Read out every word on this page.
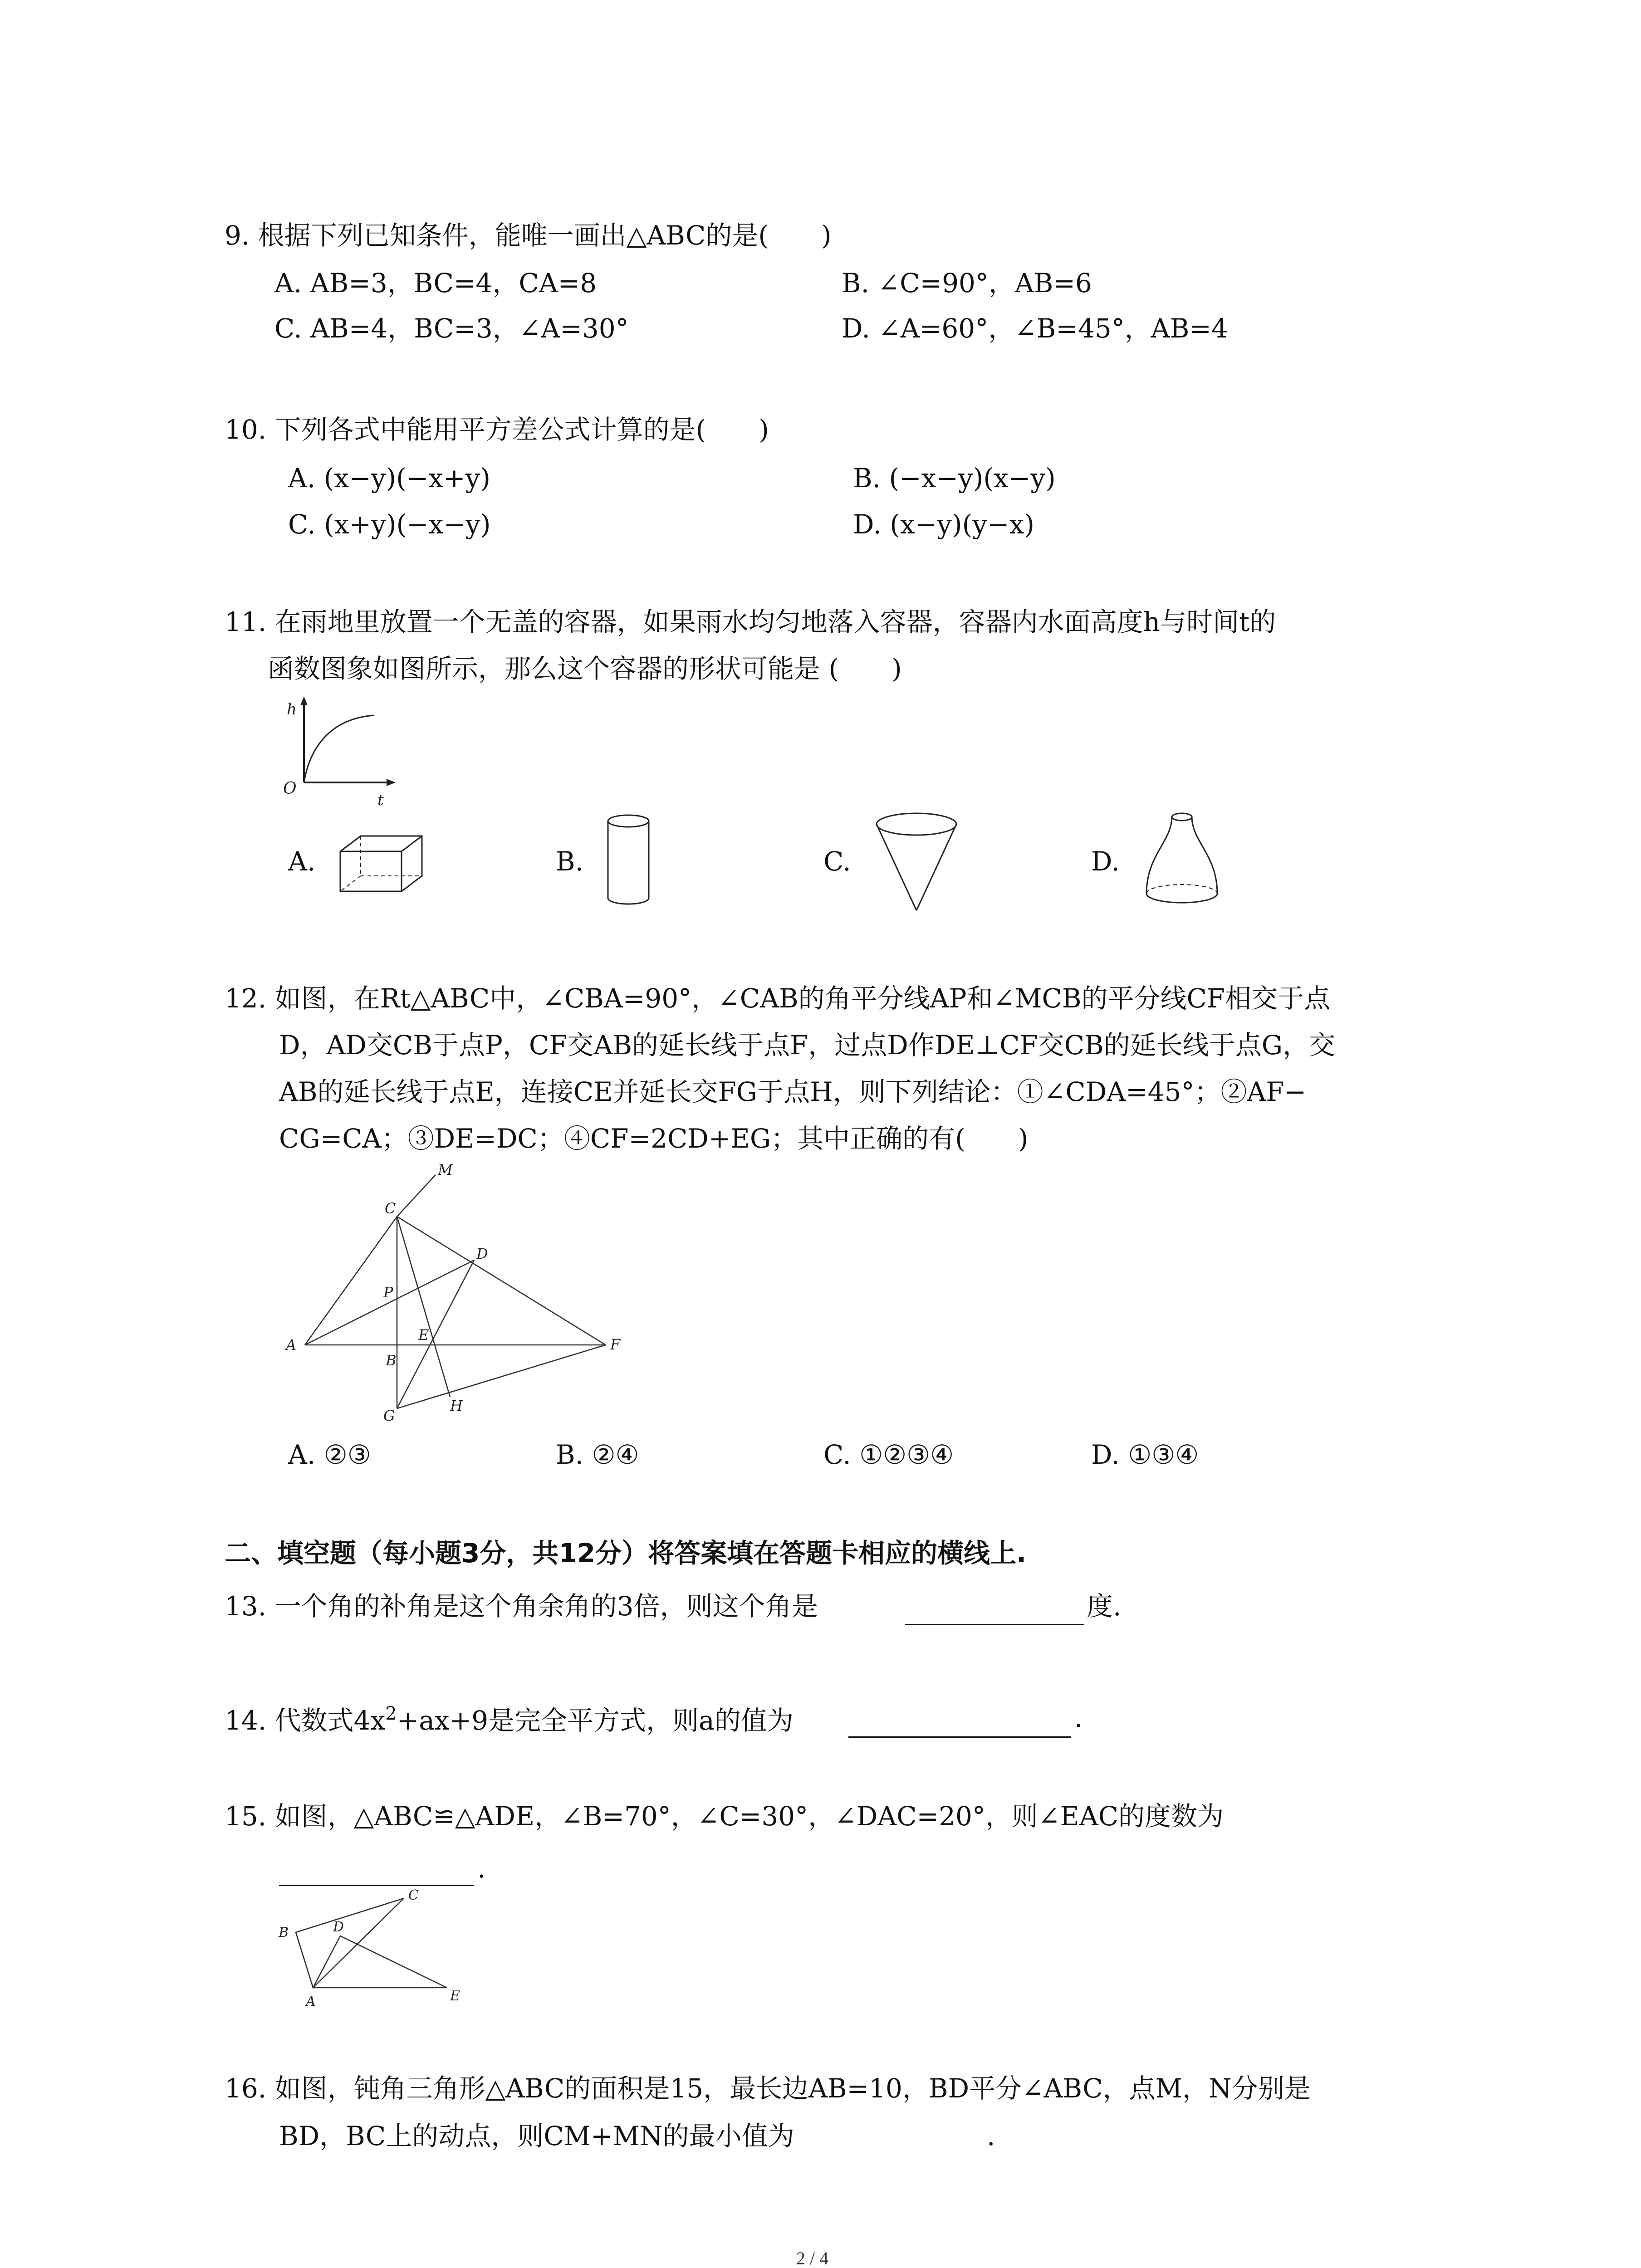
9. 根据下列已知条件，能唯一画出△ABC的是(　　)
A. AB=3，BC=4，CA=8	B. ∠C=90°，AB=6
C. AB=4，BC=3，∠A=30°	D. ∠A=60°，∠B=45°，AB=4
10. 下列各式中能用平方差公式计算的是(　　)
A. (x−y)(−x+y)	B. (−x−y)(x−y)
C. (x+y)(−x−y)	D. (x−y)(y−x)
11. 在雨地里放置一个无盖的容器，如果雨水均匀地落入容器，容器内水面高度h与时间t的
函数图象如图所示，那么这个容器的形状可能是 (　　)
h
t
O
A.	B.	C.	D.
12. 如图，在Rt△ABC中，∠CBA=90°，∠CAB的角平分线AP和∠MCB的平分线CF相交于点
D，AD交CB于点P，CF交AB的延长线于点F，过点D作DE⊥CF交CB的延长线于点G，交
AB的延长线于点E，连接CE并延长交FG于点H，则下列结论：①∠CDA=45°；②AF−
CG=CA；③DE=DC；④CF=2CD+EG；其中正确的有(　　)
M
C
D
P
A
B
E
F
G
H
A. ②③	B. ②④	C. ①②③④	D. ①③④
二、填空题（每小题3分，共12分）将答案填在答题卡相应的横线上.
13. 一个角的补角是这个角余角的3倍，则这个角是	度.
14. 代数式$4x^2+ax+9$是完全平方式，则a的值为	.
15. 如图，△ABC≌△ADE，∠B=70°，∠C=30°，∠DAC=20°，则∠EAC的度数为
.
A
B
C
D
E
16. 如图，钝角三角形△ABC的面积是15，最长边AB=10，BD平分∠ABC，点M，N分别是
BD，BC上的动点，则CM+MN的最小值为	.
2 / 4
